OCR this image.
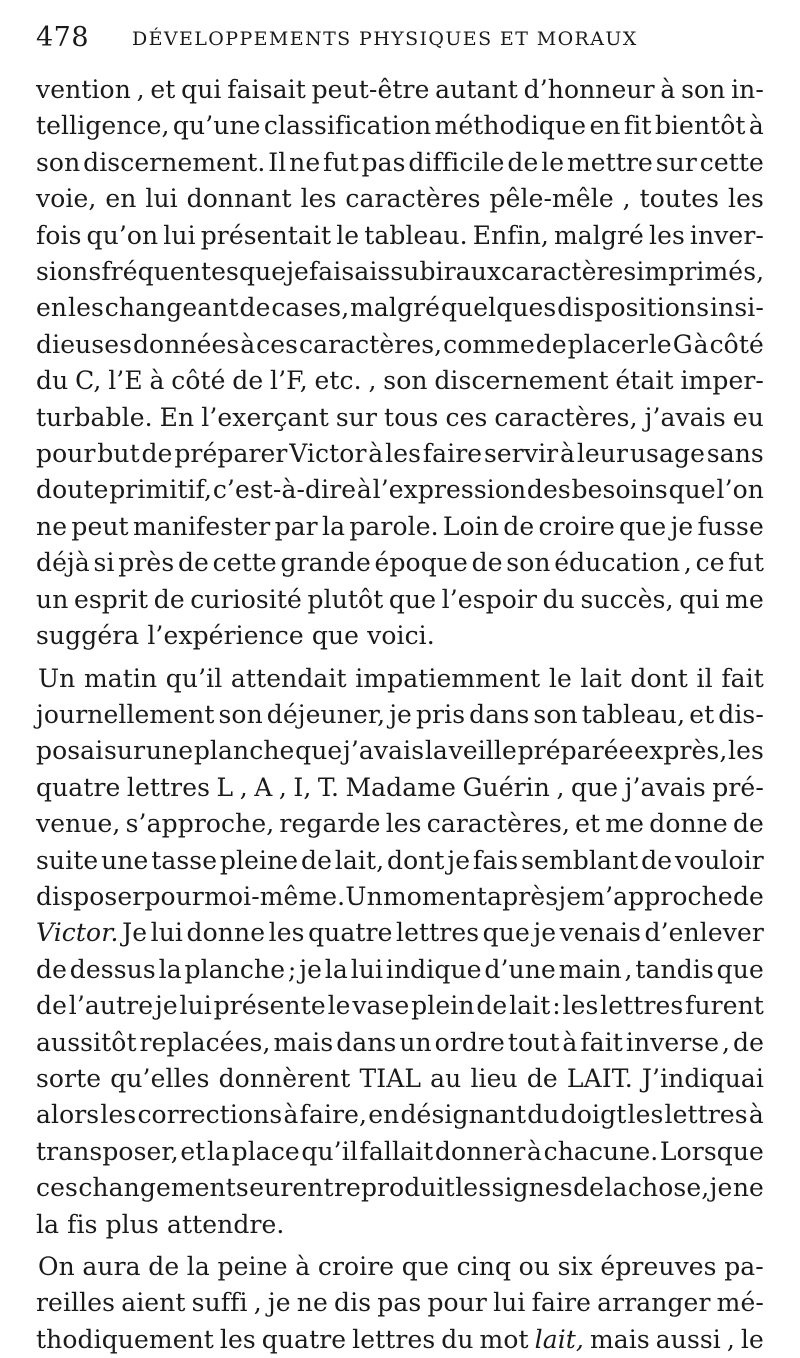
478 DÉVELOPPEMENTS PHYSIQUES ET MORAUX

vention , et qui faisait peut-être autant d’honneur à son in-
telligence, qu’une classification méthodique en fit bientôt à
son discernement. Il ne fut pas difficile de le mettre sur cette
voie, en lui donnant les caractères pêle-mêle , toutes les
fois qu’on lui présentait le tableau. Enfin, malgré les inver-
sions fréquentes que je faisais subir aux caractères imprimés,
en les changeant de cases, malgré quelques dispositions insi-
dieuses données à ces caractères, comme de placer le G à côté
du C, l’E à côté de l’F, etc. , son discernement était imper-
turbable. En l’exerçant sur tous ces caractères, j’avais eu
pour but de préparer Victor à les faire servir à leur usage sans
doute primitif, c’est-à-dire à l’expression des besoins que l’on
ne peut manifester par la parole. Loin de croire que je fusse
déjà si près de cette grande époque de son éducation , ce fut
un esprit de curiosité plutôt que l’espoir du succès, qui me
suggéra l’expérience que voici.

Un matin qu’il attendait impatiemment le lait dont il fait
journellement son déjeuner, je pris dans son tableau, et dis-
posai sur une planche que j’avais la veille préparée exprès, les
quatre lettres L , A , I, T. Madame Guérin , que j’avais pré-
venue, s’approche, regarde les caractères, et me donne de
suite une tasse pleine de lait, dont je fais semblant de vouloir
disposer pour moi-même. Un moment après je m’approche de
Victor. Je lui donne les quatre lettres que je venais d’enlever
de dessus la planche ; je la lui indique d’une main , tandis que
de l’autre je lui présente le vase plein de lait : les lettres furent
aussitôt replacées, mais dans un ordre tout à fait inverse , de
sorte qu’elles donnèrent TIAL au lieu de LAIT. J’indiquai
alors les corrections à faire, en désignant du doigt les lettres à
transposer, et la place qu’il fallait donner à chacune. Lorsque
ces changements eurent reproduit les signes de la chose, je ne
la fis plus attendre.

On aura de la peine à croire que cinq ou six épreuves pa-
reilles aient suffi , je ne dis pas pour lui faire arranger mé-
thodiquement les quatre lettres du mot lait, mais aussi , le
